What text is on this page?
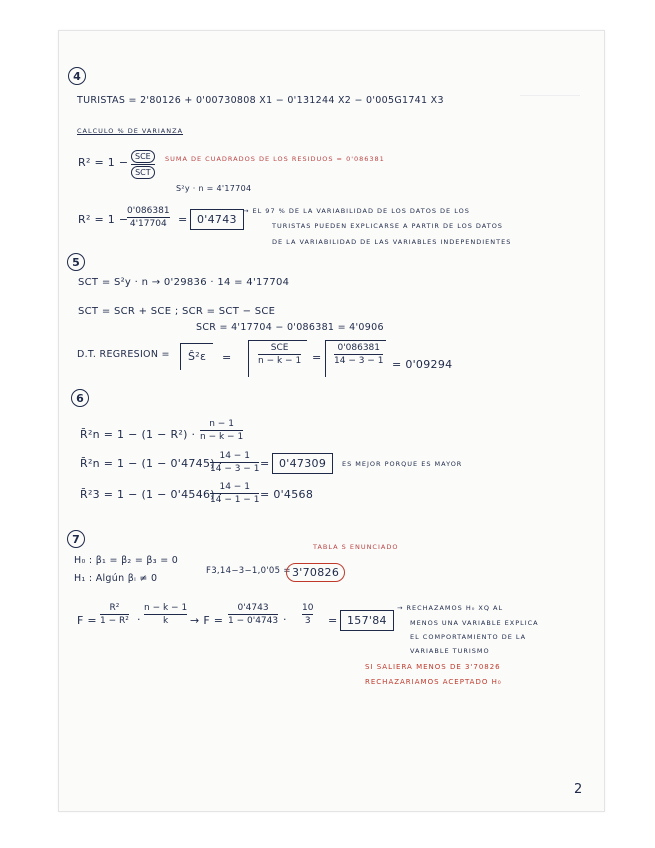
4
TURISTAS = 2'80126 + 0'00730808 X1 − 0'131244 X2 − 0'005G1741 X3
CALCULO % DE VARIANZA
R² = 1 − SCE
SCT
SUMA DE CUADRADOS DE LOS RESIDUOS = 0'086381
S²y · n = 4'17704
R² = 1 −
0'086381
4'17704 = 0'4743
→ EL 97 % DE LA VARIABILIDAD DE LOS DATOS DE LOS
TURISTAS PUEDEN EXPLICARSE A PARTIR DE LOS DATOS
DE LA VARIABILIDAD DE LAS VARIABLES INDEPENDIENTES
5
SCT = S²y · n → 0'29836 · 14 = 4'17704
SCT = SCR + SCE ; SCR = SCT − SCE
SCR = 4'17704 − 0'086381 = 4'0906
D.T. REGRESION = Ŝ²ε =
SCE
n − k − 1 =
0'086381
14 − 3 − 1 = 0'09294
6
R̄²n = 1 − (1 − R²) ·
n − 1
n − k − 1
R̄²n = 1 − (1 − 0'4745) ·
14 − 1
14 − 3 − 1 = 0'47309	ES MEJOR PORQUE ES MAYOR
R̄²3 = 1 − (1 − 0'4546) ·
14 − 1
14 − 1 − 1 = 0'4568
7
H₀ : β₁ = β₂ = β₃ = 0
H₁ : Algún βᵢ ≠ 0
TABLA S ENUNCIADO
F3,14−3−1,0'05 = 3'70826
F =
R²
1 − R² ·
n − k − 1
k → F =
0'4743
1 − 0'4743 ·
10
3 = 157'84
→ RECHAZAMOS H₀ XQ AL
MENOS UNA VARIABLE EXPLICA
EL COMPORTAMIENTO DE LA
VARIABLE TURISMO
SI SALIERA MENOS DE 3'70826
RECHAZARIAMOS ACEPTADO H₀
2
